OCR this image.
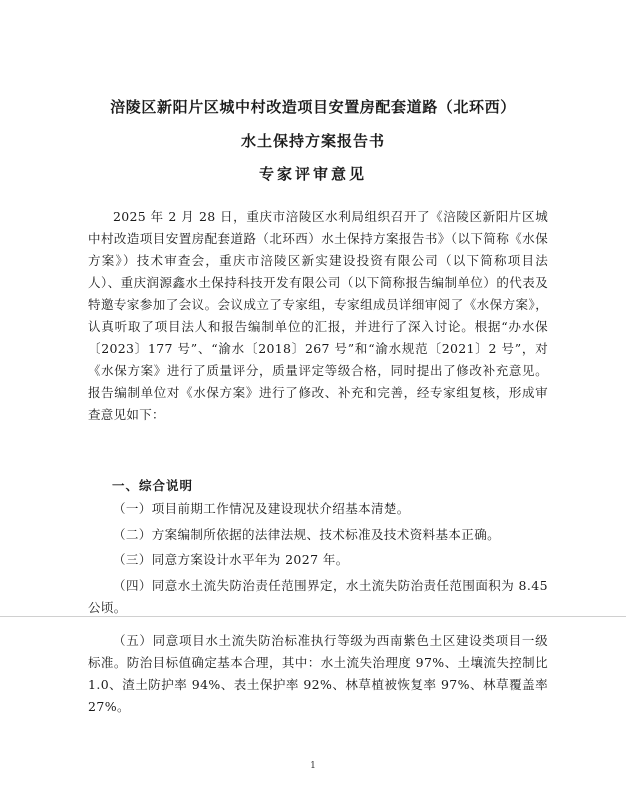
涪陵区新阳片区城中村改造项目安置房配套道路（北环西）
水土保持方案报告书
专家评审意见
2025 年 2 月 28 日，重庆市涪陵区水利局组织召开了《涪陵区新阳片区城中村改造项目安置房配套道路（北环西）水土保持方案报告书》（以下简称《水保方案》）技术审查会，重庆市涪陵区新实建设投资有限公司（以下简称项目法人）、重庆润源鑫水土保持科技开发有限公司（以下简称报告编制单位）的代表及特邀专家参加了会议。会议成立了专家组，专家组成员详细审阅了《水保方案》，认真听取了项目法人和报告编制单位的汇报，并进行了深入讨论。根据“办水保〔2023〕177 号”、“渝水〔2018〕267 号”和“渝水规范〔2021〕2 号”，对《水保方案》进行了质量评分，质量评定等级合格，同时提出了修改补充意见。报告编制单位对《水保方案》进行了修改、补充和完善，经专家组复核，形成审查意见如下：
一、综合说明
（一）项目前期工作情况及建设现状介绍基本清楚。
（二）方案编制所依据的法律法规、技术标准及技术资料基本正确。
（三）同意方案设计水平年为 2027 年。
（四）同意水土流失防治责任范围界定，水土流失防治责任范围面积为 8.45 公顷。
（五）同意项目水土流失防治标准执行等级为西南紫色土区建设类项目一级标准。防治目标值确定基本合理，其中：水土流失治理度 97%、土壤流失控制比 1.0、渣土防护率 94%、表土保护率 92%、林草植被恢复率 97%、林草覆盖率 27%。
1
